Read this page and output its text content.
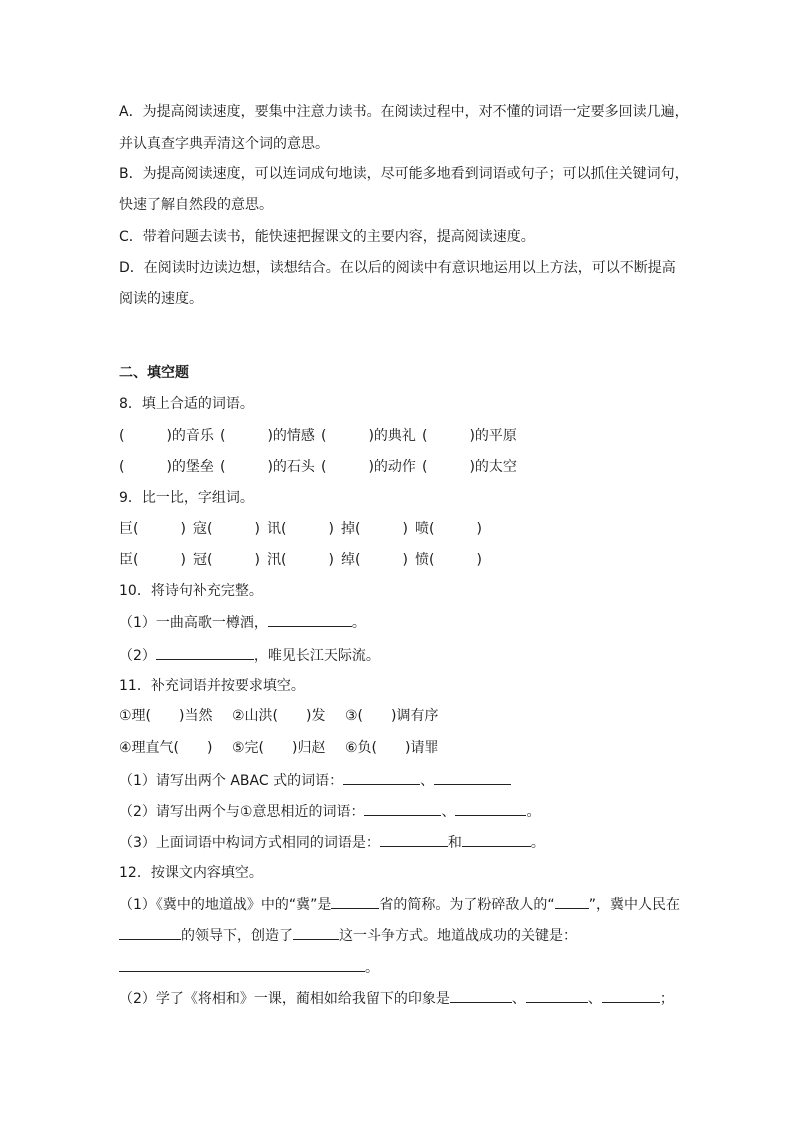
A．为提高阅读速度，要集中注意力读书。在阅读过程中，对不懂的词语一定要多回读几遍，
并认真查字典弄清这个词的意思。
B．为提高阅读速度，可以连词成句地读，尽可能多地看到词语或句子；可以抓住关键词句，
快速了解自然段的意思。
C．带着问题去读书，能快速把握课文的主要内容，提高阅读速度。
D．在阅读时边读边想，读想结合。在以后的阅读中有意识地运用以上方法，可以不断提高
阅读的速度。
二、填空题
8．填上合适的词语。
(　　　)的音乐 (　　　)的情感 (　　　)的典礼 (　　　)的平原
(　　　)的堡垒 (　　　)的石头 (　　　)的动作 (　　　)的太空
9．比一比，字组词。
巨(　　　) 寇(　　　) 讯(　　　) 掉(　　　) 喷(　　　)
臣(　　　) 冠(　　　) 汛(　　　) 绰(　　　) 愤(　　　)
10．将诗句补充完整。
（1）一曲高歌一樽酒，	。
（2）	，唯见长江天际流。
11．补充词语并按要求填空。
①理(　　)当然 ②山洪(　　)发 ③(　　)调有序
④理直气(　　) ⑤完(　　)归赵 ⑥负(　　)请罪
（1）请写出两个 ABAC 式的词语：	、
（2）请写出两个与①意思相近的词语：	、	。
（3）上面词语中构词方式相同的词语是：	和	。
12．按课文内容填空。
（1）《冀中的地道战》中的“冀”是	省的简称。为了粉碎敌人的“ ”，冀中人民在
的领导下，创造了	这一斗争方式。地道战成功的关键是：
。
（2）学了《将相和》一课，蔺相如给我留下的印象是	、	、	；
